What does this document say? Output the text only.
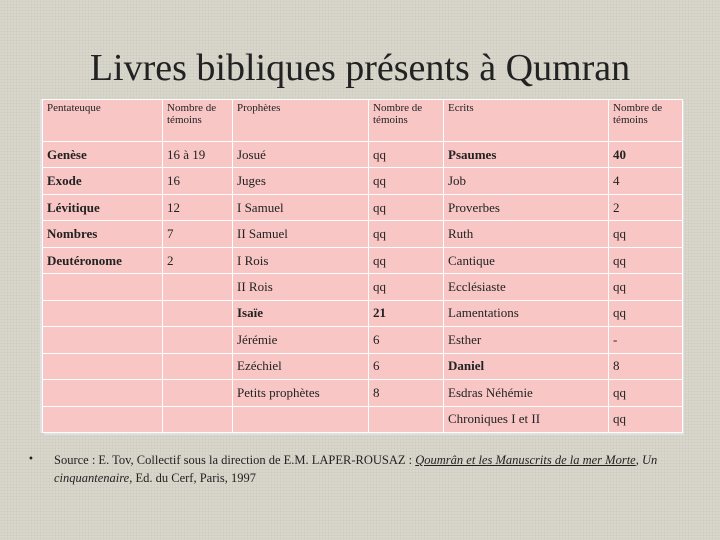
Livres bibliques présents à Qumran
Pentateuque	Nombre de témoins	Prophètes	Nombre de témoins	Ecrits	Nombre de témoins
Genèse	16 à 19	Josué	qq	Psaumes	40
Exode	16	Juges	qq	Job	4
Lévitique	12	I Samuel	qq	Proverbes	2
Nombres	7	II Samuel	qq	Ruth	qq
Deutéronome	2	I Rois	qq	Cantique	qq
		II Rois	qq	Ecclésiaste	qq
		Isaïe	21	Lamentations	qq
		Jérémie	6	Esther	-
		Ezéchiel	6	Daniel	8
		Petits prophètes	8	Esdras Néhémie	qq
				Chroniques I et II	qq
• Source : E. Tov, Collectif sous la direction de E.M. LAPER-ROUSAZ : Qoumrân et les Manuscrits de la mer Morte, Un cinquantenaire, Ed. du Cerf, Paris, 1997
